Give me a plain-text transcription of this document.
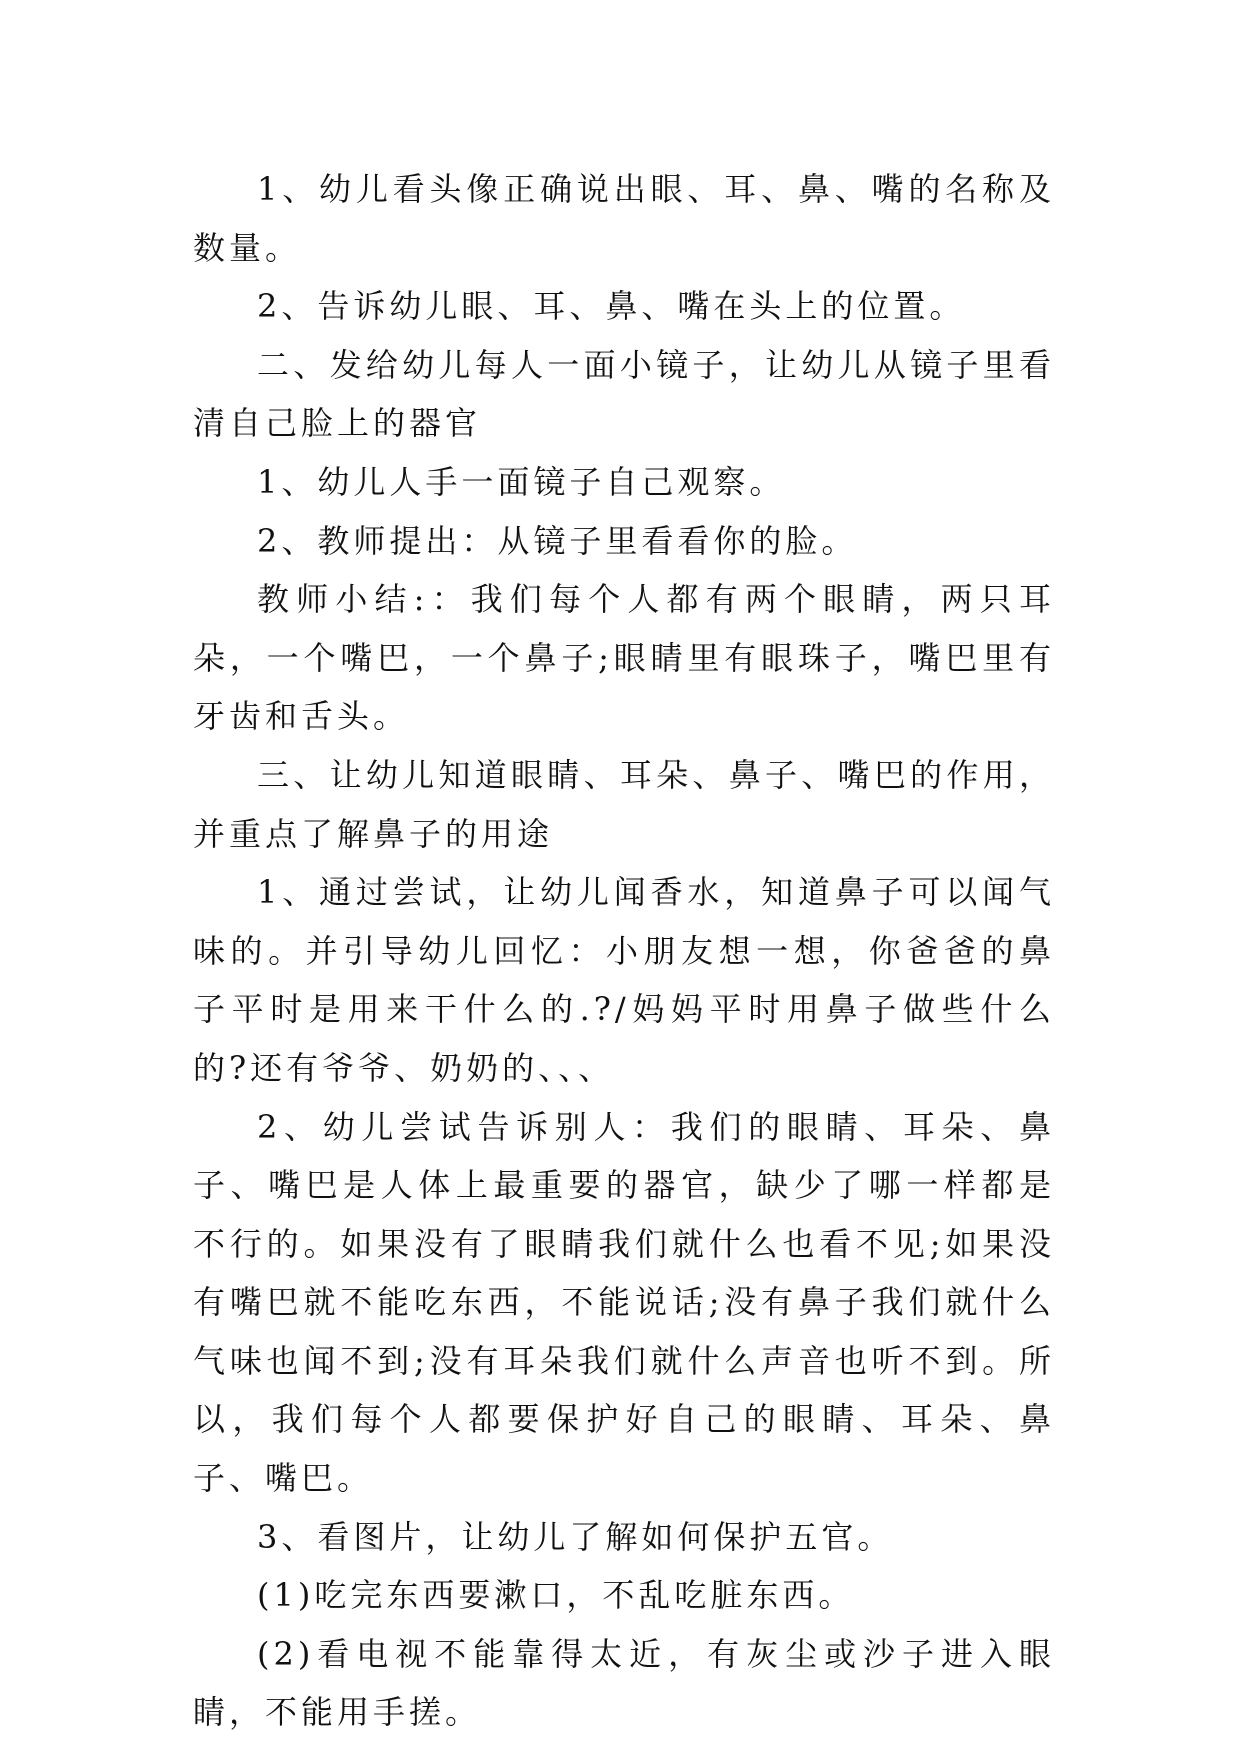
1、幼儿看头像正确说出眼、耳、鼻、嘴的名称及数量。

2、告诉幼儿眼、耳、鼻、嘴在头上的位置。

二、发给幼儿每人一面小镜子，让幼儿从镜子里看清自己脸上的器官

1、幼儿人手一面镜子自己观察。

2、教师提出：从镜子里看看你的脸。

教师小结:：我们每个人都有两个眼睛，两只耳朵，一个嘴巴，一个鼻子;眼睛里有眼珠子，嘴巴里有牙齿和舌头。

三、让幼儿知道眼睛、耳朵、鼻子、嘴巴的作用，并重点了解鼻子的用途

1、通过尝试，让幼儿闻香水，知道鼻子可以闻气味的。并引导幼儿回忆：小朋友想一想，你爸爸的鼻子平时是用来干什么的.?/妈妈平时用鼻子做些什么的?还有爷爷、奶奶的、、、

2、幼儿尝试告诉别人：我们的眼睛、耳朵、鼻子、嘴巴是人体上最重要的器官，缺少了哪一样都是不行的。如果没有了眼睛我们就什么也看不见;如果没有嘴巴就不能吃东西，不能说话;没有鼻子我们就什么气味也闻不到;没有耳朵我们就什么声音也听不到。所以，我们每个人都要保护好自己的眼睛、耳朵、鼻子、嘴巴。

3、看图片，让幼儿了解如何保护五官。

(1)吃完东西要漱口，不乱吃脏东西。

(2)看电视不能靠得太近，有灰尘或沙子进入眼睛，不能用手搓。
